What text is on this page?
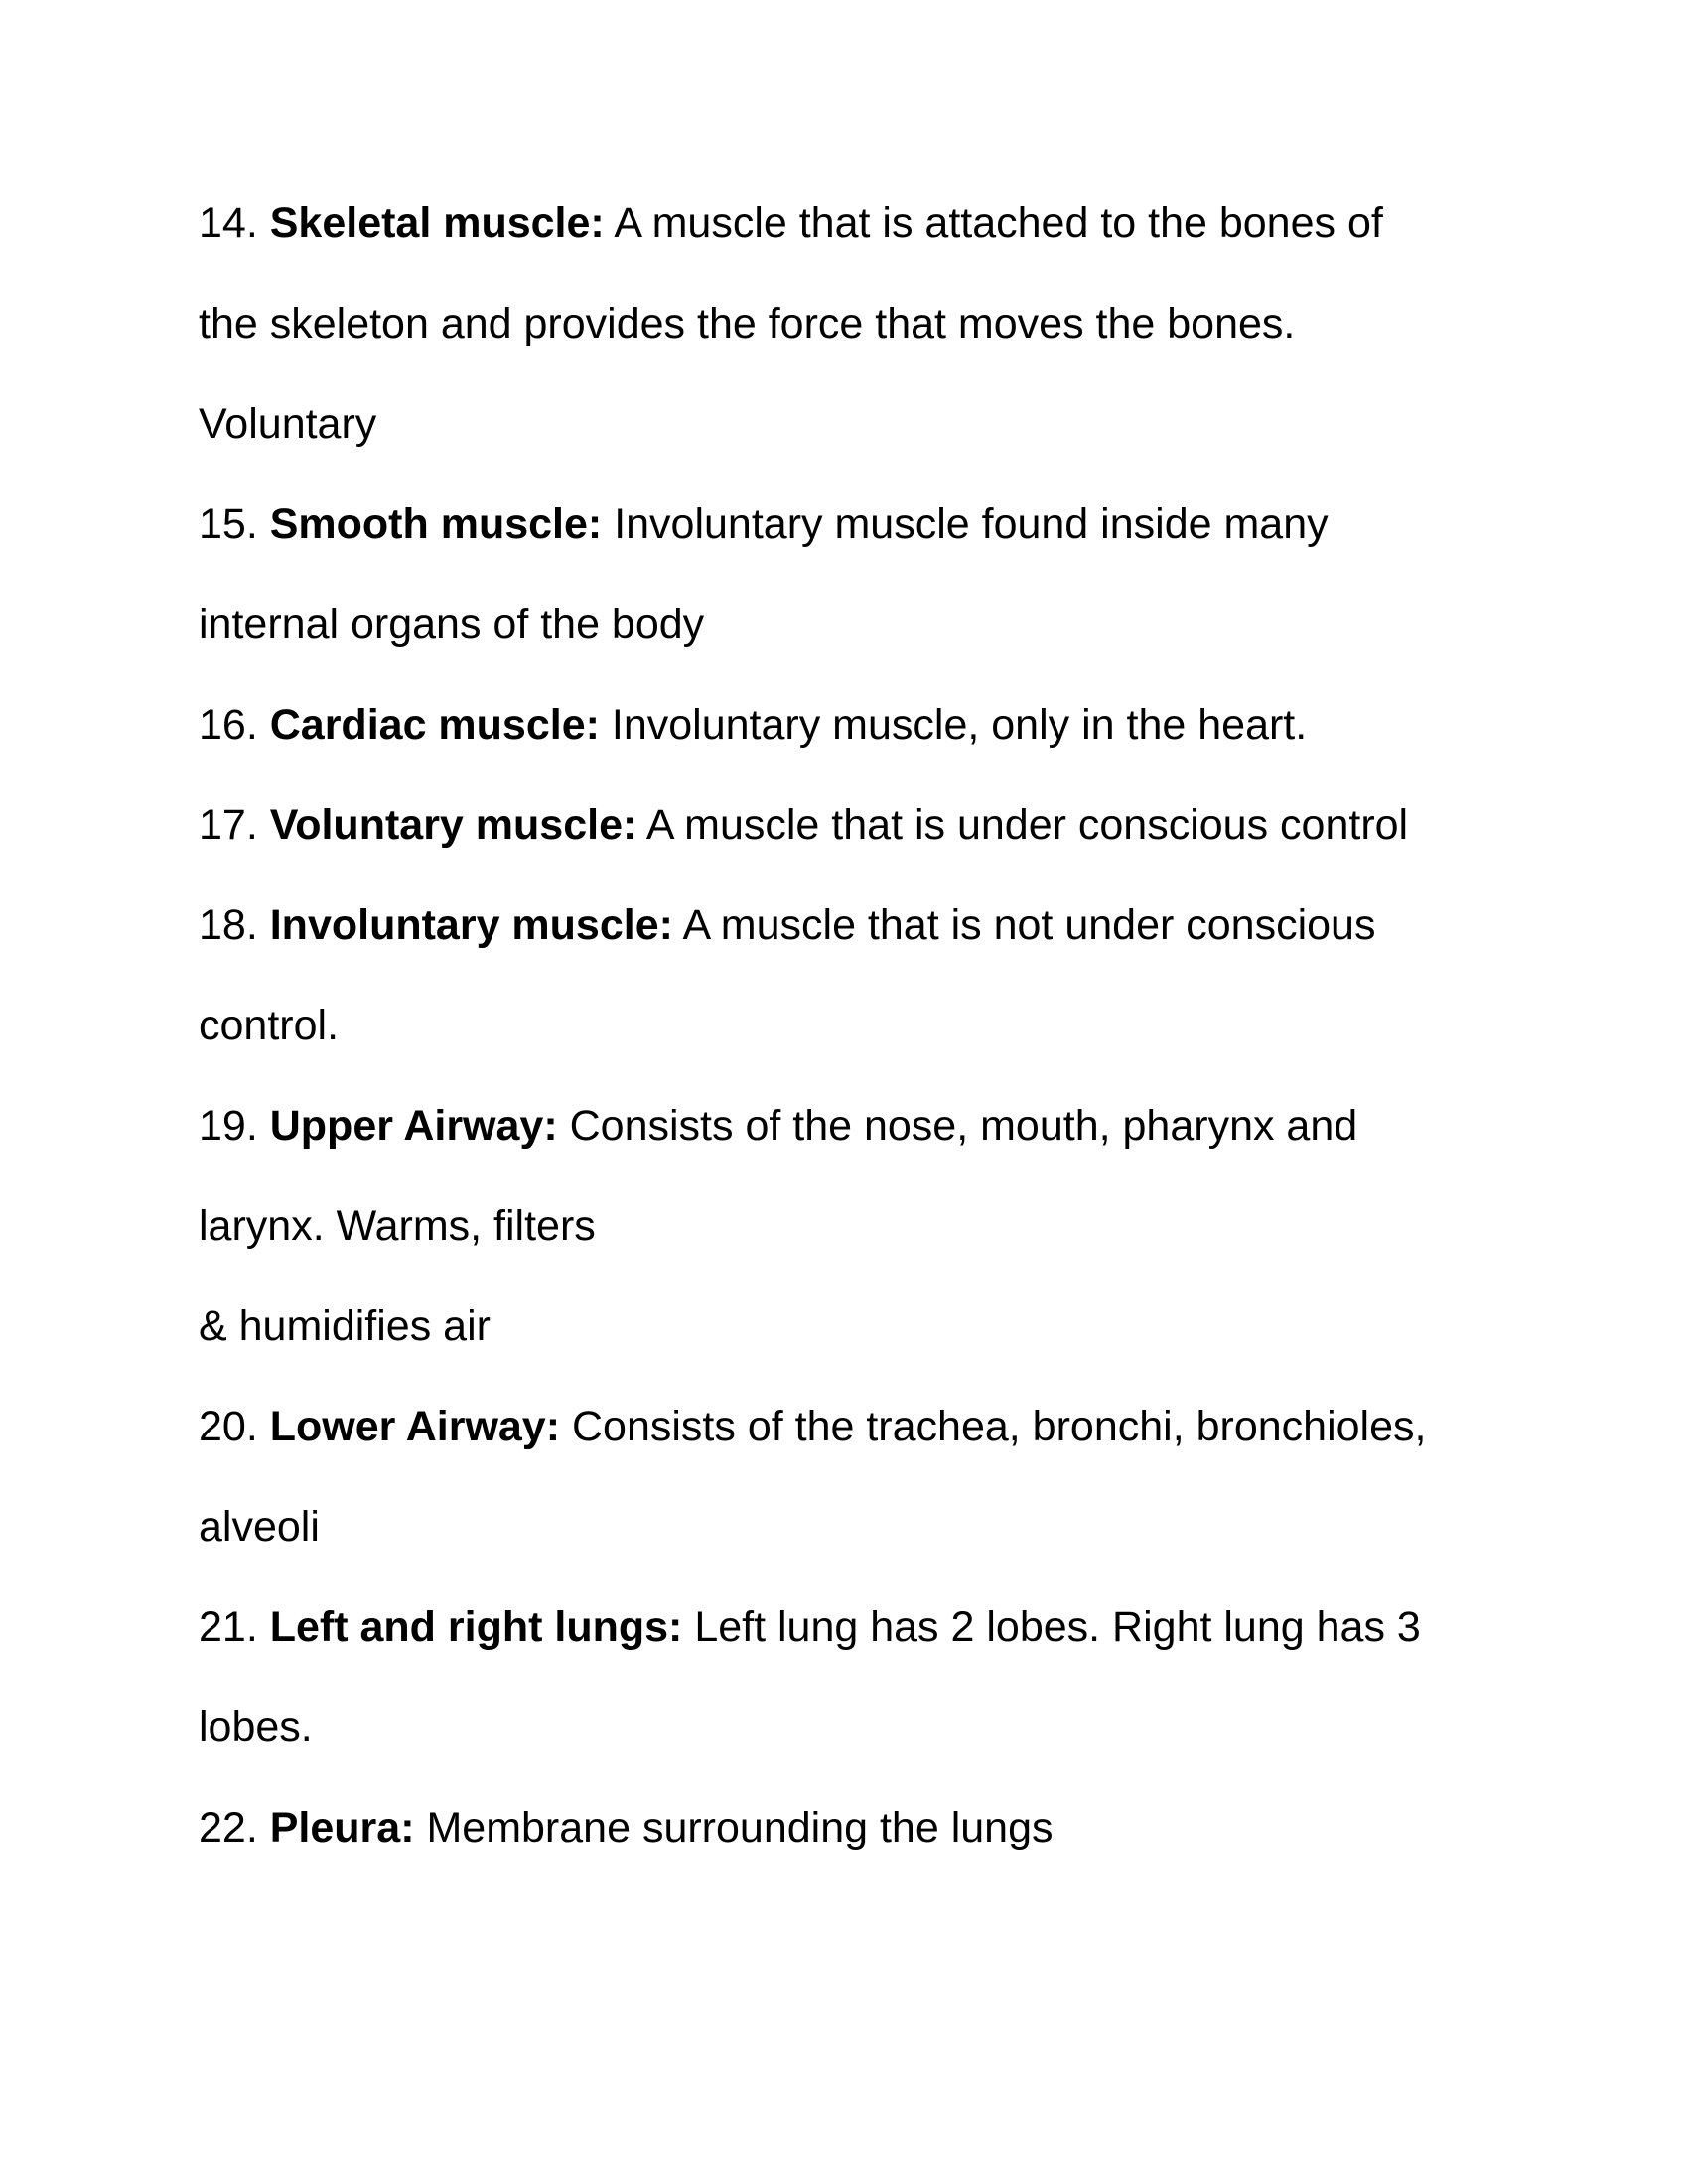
14. Skeletal muscle: A muscle that is attached to the bones of
the skeleton and provides the force that moves the bones.
Voluntary
15. Smooth muscle: Involuntary muscle found inside many
internal organs of the body
16. Cardiac muscle: Involuntary muscle, only in the heart.
17. Voluntary muscle: A muscle that is under conscious control
18. Involuntary muscle: A muscle that is not under conscious
control.
19. Upper Airway: Consists of the nose, mouth, pharynx and
larynx. Warms, filters
& humidifies air
20. Lower Airway: Consists of the trachea, bronchi, bronchioles,
alveoli
21. Left and right lungs: Left lung has 2 lobes. Right lung has 3
lobes.
22. Pleura: Membrane surrounding the lungs
